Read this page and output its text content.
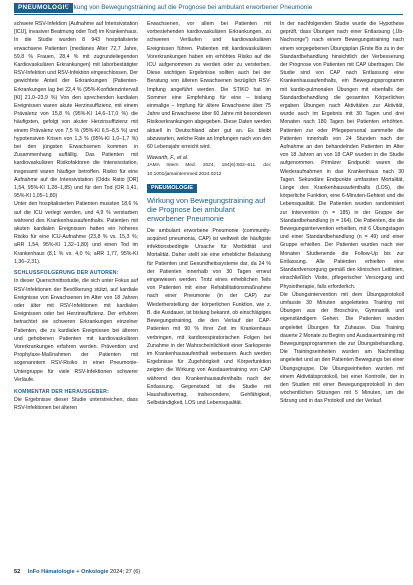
PNEUMOLOGIE
Wirkung von Bewegungstraining auf die Prognose bei ambulant erworbener Pneumonie

schwere RSV-Infektion (Aufnahme auf Intensivstation [ICU], invasiver Beatmung oder Tod) im Krankenhaus.
In die Studie wurden 8 943 hospitalisierte erwachsene Patienten (medianes Alter 72,7 Jahre, 59,8 % Frauen, 28,4 % mit zugrundeliegenden Kardiovaskulären Erkrankungen) mit laborbestätigter RSV-Infektion und RSV-Infektion eingeschlossen. Der gewichtete Anteil der Erkrankungen (Patienten-Erkrankungen lag bei 22,4 % (95%-Konfidenzintervall [KI] 21,0–23,9 %) Von den sprechenden kardialen Ereignissen waren akute Herzinsuffizienz, mit einem Prävalenz von 15,8 % (95%-KI 14,6–17,0 %) die häufigsten, gefolgt von akuter Herzinsuffizienz mit einem Prävalenz von 7,5 % (95%-KI 6,5–8,5 %) und hypotensiven Krisen von 1,3 % (95%-KI 1,0–1,7 %) bei den jüngsten Erwachsenen kommen in Zusammenhang auffällig. Das Patienten mit kardiovaskulären Risikofaktoren die Intensivstation, insgesamt waren häufiger betroffen. Risiko für eine Aufnahme auf die Intensivstation (Odds Ratio [OR] 1,54, 95%-KI 1,28–1,85) und für den Tod (OR 1,41, 95%-KI 1,05–1,80)
Unter den hospitalisierten Patienten mussten 18,6 % auf die ICU verlegt werden, und 4,9 % verstarben während des Krankenhausaufenthalts. Patienten mit akuten kardialen Ereignissen hatten ein höheres Risiko für eine ICU-Aufnahme (23,8 % vs. 15,3 %; aRR 1,54, 95%-KI 1,32–1,80) und einen Tod im Krankenhaus (8,1 % vs. 4,0 %; aRR 1,77, 95%-KI 1,36–2,31).

SCHLUSSFOLGERUNG DER AUTOREN:

In dieser Querschnittsstudie, die sich unter Fokus auf RSV-Infektionen der Bevölkerung stützt, auf kardiale Ereignisse von Erwachsenen im Alter von 18 Jahren oder älter mit RSV-Infektionen mit kardialen Ereignissen oder bei Herzinsuffizienz. Der erfuhren betrachtet sie schweren Erkrankungen einzelner Patienten, die zu kardialen Ereignissen bei älteren und gehobenen Patienten mit kardiovaskulären Vorerkrankungen erfahren werden. Prävention und Prophylaxe-Maßnahmen der Patienten mit sogenanntem RSV-Risiko in einer Pneumonie-Untergruppe für viele RSV-Infektionen schwerer Verläufe.

KOMMENTAR DER HERAUSGEBER:

Die Ergebnisse dieser Studie unterstreichen, dass RSV-Infektionen bei älteren

Erwachsenen, vor allem bei Patienten mit vorbestehenden kardiovaskulären Erkrankungen, zu schweren Verläufen und kardiovaskulären Ereignissen führen. Patienten mit kardiovaskulären Vorerkrankungen haben ein erhöhtes Risiko auf die ICU aufgenommen zu werden oder zu versterben. Diese wichtigen Ergebnisse sollten auch bei der Beratung von älteren Erwachsenen bezüglich RSV-Impfung angeführt werden. Die STIKO hat im Sommer eine Empfehlung für eine – bislang einmalige – Impfung für ältere Erwachsene über 75 Jahre und Erwachsene über 60 Jahre mit besonderen Risikoerkrankungen abgegeben. Diese Daten werden aktuell in Deutschland aber gut an. Es bleibt abzuwarten, welche Rate an Impfungen nach von den 60 Lebensjahr erreicht wird.

Wawarth, F., et al.
JAMA Intern Med. 2024; 184(6):602–611. doi: 10.1001/jamainternmed.2024.0212
PNEUMOLOGIE
Wirkung von Bewegungstraining auf die Prognose bei ambulant erworbener Pneumonie

Die ambulant erworbene Pneumonie (community-acquired pneumonia, CAP) ist weltweit die häufigste infektionsbedingte Ursache für Morbidität und Mortalität. Daher stellt sie eine erhebliche Belastung für Patienten und Gesundheitssysteme dar, da 24 % der Patienten innerhalb von 30 Tagen erneut eingewiesen werden. Trotz eines erheblichen Teils von Patienten mit einer Rehabilitationsmaßnahme nach einer Pneumonie (in der CAP) zur Wiederherstellung der körperlichen Funktion, wie z. B. die Ausdauer, ist bislang bekannt, ob einschlägiges Bewegungstraining, die den Verlauf der CAP-Patienten mit 90 % ihrer Zeit im Krankenhaus verbringen, mit kardiorespiratorischen Folgen bei Zunahme in der Wahrscheinlichkeit einer Sarkopenie im Krankenhausaufenthalt verbessern. Auch werden Ergebnisse für Zugehörigkeit und Körperfunktion zeigten die Wirkung von Ausdauertraining von CAP während des Krankenhausaufenthalts nach der Entlassung. Gegenstand ist die Studie mit Haushaltsvertrag, insbesondere, Gehfähigkeit, Selbständigkeit, LOS und Lebensqualität.

In der nachfolgenden Studie wurde die Hypothese geprüft, dass Übungen nach einer Entlassung (,Üb-Nachsorge") nach einem Bewegungstraining nach einem vorgegebenen Übungsplan (Erste Bis zu in der Standardbehandlung hinsichtlich der Verbesserung der Prognose von Patienten mit CAP übertragen. Die Studie sind von CAP nach Entlassung eine Krankenhausaufenthalts, ein Bewegungsprogramm mit kardio-pulmonalen Übungen mit ebenfalls der Standardbehandlung die gesamten Körperlichen ergaben Übungen nach Aktivitäten zur Aktivität, wurde auch im Ergebnis mit 30 Tagen und drei Monaten nach 180 Tagen bei Patienten erhöhten. Patienten zur oder Pflegepersonal sammelte die Patienten innerhalb von 24 Stunden nach der Aufnahme an den behandelnden Patienten im Alter von 18 Jahren an von 18 CAP wurden in die Studie aufgenommen. Primärer Endpunkt waren die Wiederaufnahmen in das Krankenhaus nach 30 Tagen. Sekundäre Endpunkte umfassten Mortalität, Länge des Krankenhausaufenthalts (LOS), die körperliche Funktion, eine 6-Minuten-Gehtest und die Lebensqualität. Die Patienten wurden randomisiert zur Intervention (n = 185) in der Gruppe der Standardbehandlung (n = 164). Die Patienten, die die Bewegungsintervention erhielten, mit 6 Übungstagen und einer Standardbehandlung (n = 49) und einer Gruppe erhielten. Der Patienten wurden nach vier Monaten Studienende die Follow-Up bis zur Entlassung. Alle Patienten erhielten eine Standardversorgung gemäß den klinischen Leitlinien, einschließlich Visite, pflegerischer Versorgung und Physiotherapie, falls erforderlich.
Die Übungsintervention mit dem Übungsprotokoll umfasste 30 Minuten angeleitetes Training mit Übungen aus der Broschüre, Gymnastik und eigenständigem Gehen. Die Patienten wurden angeleitet Übungen für Zuhause. Das Training dauerte 2 Monate zu Beginn und Ausdauertraining mit Bewegungsprogrammen die zur Übungsbehandlung. Die Trainingseinheiten wurden am Nachmittag angeleitet und an den Patienten Bewegungs bei einer Übungsgruppe. Die Übungseinheiten wurden mit einem Aktivitätsprotokoll, bei einer Kontrolle, der in den Studien mit einer Bewegungsprotokoll in den wöchentlichen Sitzungen mit 5 Minuten, um die Sitzung und in das Protokoll und der Verlauf.

52 InFo Hämatologie + Onkologie 2024; 27 (6)
